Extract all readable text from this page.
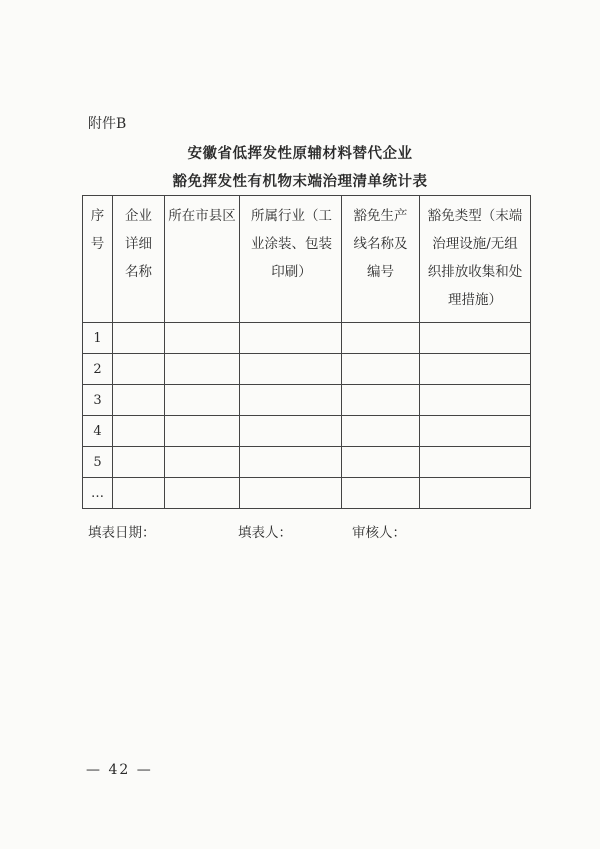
附件B
安徽省低挥发性原辅材料替代企业
豁免挥发性有机物末端治理清单统计表
序号	企业详细名称	所在市县区	所属行业（工业涂装、包装印刷）	豁免生产线名称及编号	豁免类型（末端治理设施/无组织排放收集和处理措施）

1					
2					
3					
4					
5					
…					
填表日期：	填表人：	审核人：
— 42 —
